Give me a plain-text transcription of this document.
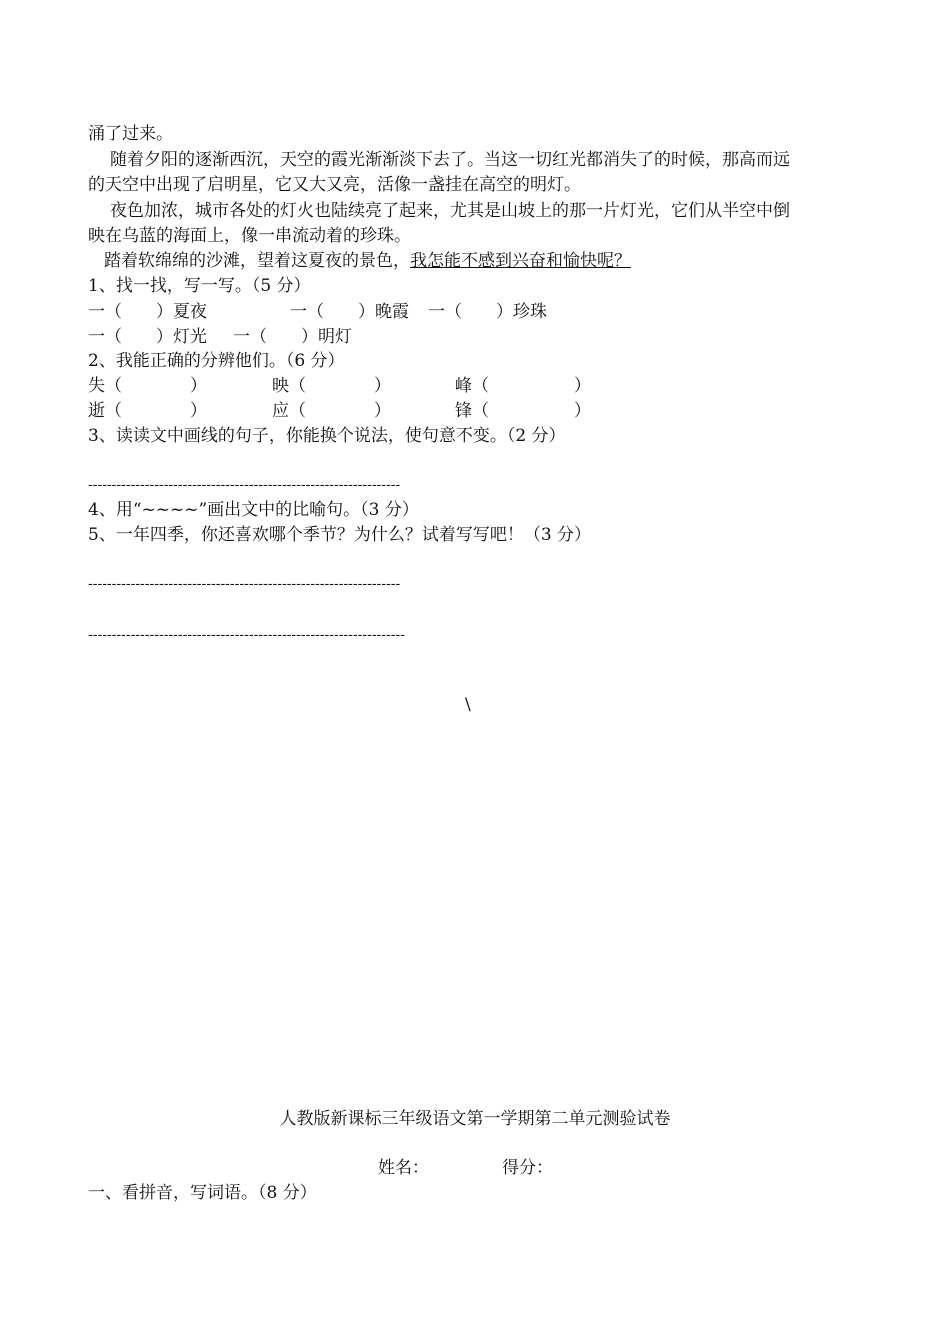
涌了过来。
随着夕阳的逐渐西沉，天空的霞光渐渐淡下去了。当这一切红光都消失了的时候，那高而远
的天空中出现了启明星，它又大又亮，活像一盏挂在高空的明灯。
夜色加浓，城市各处的灯火也陆续亮了起来，尤其是山坡上的那一片灯光，它们从半空中倒
映在乌蓝的海面上，像一串流动着的珍珠。
踏着软绵绵的沙滩，望着这夏夜的景色，我怎能不感到兴奋和愉快呢？
1、找一找，写一写。（5 分）
一（　　）夏夜	一（　　）晚霞 一（　　）珍珠
一（　　）灯光 一（　　）明灯
2、我能正确的分辨他们。（6 分）
失（　　　　）	映（　　　　）	峰（　　　　　）
逝（　　　　）	应（　　　　）	锋（　　　　　）
3、读读文中画线的句子，你能换个说法，使句意不变。（2 分）
------------------------------------------------------------------
4、用“~~~~”画出文中的比喻句。（3 分）
5、一年四季，你还喜欢哪个季节？为什么？试着写写吧！（3 分）
------------------------------------------------------------------
-------------------------------------------------------------------
\
人教版新课标三年级语文第一学期第二单元测验试卷
姓名：	得分：
一、看拼音，写词语。（8 分）
